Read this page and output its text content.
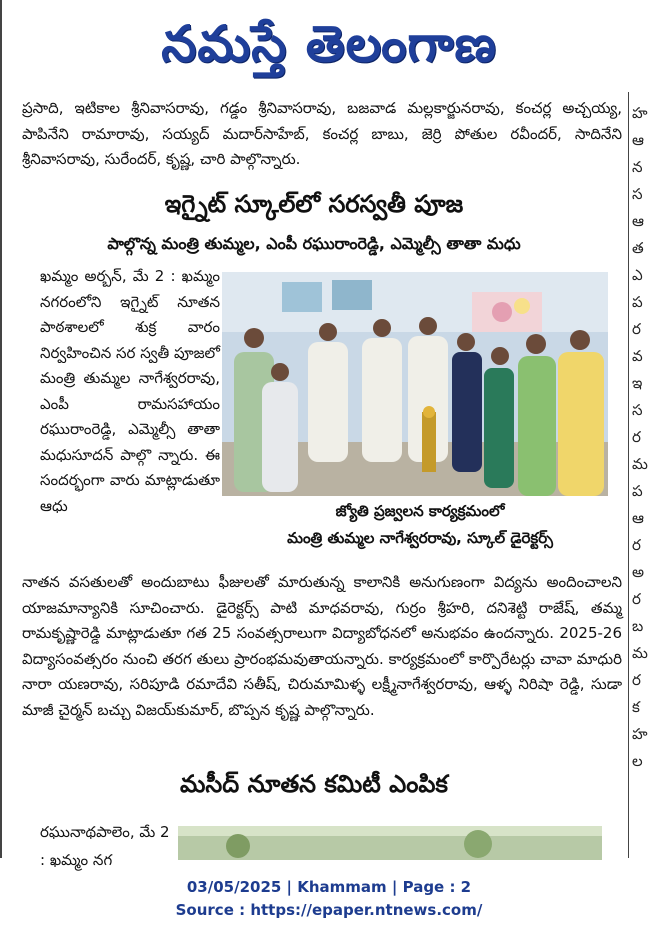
నమస్తే తెలంగాణ
హ
ఆ
న
స
ఆ
త
ఎ
ప
ర
వ
ఇ
స
ర
మ
ప
ఆ
ర
అ
ర
బ
మ
ర
క
హ
ల

ప్రసాది, ఇటికాల శ్రీనివాసరావు, గడ్డం శ్రీనివాసరావు, బజవాడ మల్లకార్జునరావు, కంచర్ల అచ్చయ్య, పాపినేని రామారావు, సయ్యద్ మదార్‌సాహేబ్, కంచర్ల బాబు, జెర్రి పోతుల రవీందర్, సాదినేని శ్రీనివాసరావు, సురేందర్, కృష్ణ, చారి పాల్గొన్నారు.

ఇగ్నైట్ స్కూల్‌లో సరస్వతీ పూజ
పాల్గొన్న మంత్రి తుమ్మల, ఎంపీ రఘురాంరెడ్డి, ఎమ్మెల్సీ తాతా మధు

ఖమ్మం అర్బన్, మే 2 : ఖమ్మం నగరంలోని ఇగ్నైట్ నూతన పాఠశాలలో శుక్ర వారం నిర్వహించిన సర స్వతీ పూజలో మంత్రి తుమ్మల నాగేశ్వరరావు, ఎంపీ రామసహాయం రఘురాంరెడ్డి, ఎమ్మెల్సీ తాతా మధుసూదన్ పాల్గొ న్నారు. ఈ సందర్భంగా వారు మాట్లాడుతూ ఆధు	జ్యోతి ప్రజ్వలన కార్యక్రమంలో
మంత్రి తుమ్మల నాగేశ్వరరావు, స్కూల్ డైరెక్టర్స్

నాతన వసతులతో అందుబాటు ఫీజులతో మారుతున్న కాలానికి అనుగుణంగా విద్యను అందించాలని యాజమాన్యానికి సూచించారు. డైరెక్టర్స్ పాటి మాధవరావు, గుర్రం శ్రీహరి, దనిశెట్టి రాజేష్, తమ్మ రామకృష్ణారెడ్డి మాట్లాడుతూ గత 25 సంవత్సరాలుగా విద్యాబోధనలో అనుభవం ఉందన్నారు. 2025-26 విద్యాసంవత్సరం నుంచి తరగ తులు ప్రారంభమవుతాయన్నారు. కార్యక్రమంలో కార్పొరేటర్లు చావా మాధురి నారా యణరావు, సరిపూడి రమాదేవి సతీష్, చిరుమామిళ్ళ లక్ష్మీనాగేశ్వరరావు, ఆళ్ళ నిరిషా రెడ్డి, సుడా మాజీ చైర్మన్ బచ్చు విజయ్‌కుమార్, బొప్పన కృష్ణ పాల్గొన్నారు.

మసీద్ నూతన కమిటీ ఎంపిక

రఘునాథపాలెం, మే 2 : ఖమ్మం నగ

03/05/2025 | Khammam | Page : 2
Source : https://epaper.ntnews.com/
